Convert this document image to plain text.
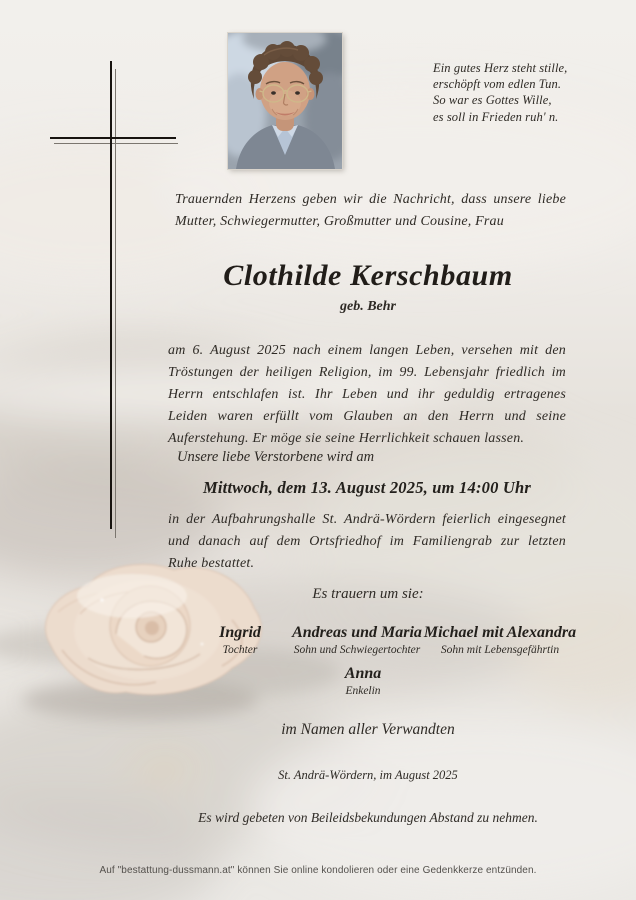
Ein gutes Herz steht stille,
erschöpft vom edlen Tun.
So war es Gottes Wille,
es soll in Frieden ruh' n.
Trauernden Herzens geben wir die Nachricht, dass unsere liebe
Mutter, Schwiegermutter, Großmutter und Cousine, Frau
Clothilde Kerschbaum
geb. Behr
am 6. August 2025 nach einem langen Leben, versehen mit den
Tröstungen der heiligen Religion, im 99. Lebensjahr friedlich im
Herrn entschlafen ist. Ihr Leben und ihr geduldig ertragenes
Leiden waren erfüllt vom Glauben an den Herrn und seine
Auferstehung. Er möge sie seine Herrlichkeit schauen lassen.
Unsere liebe Verstorbene wird am
Mittwoch, dem 13. August 2025, um 14:00 Uhr
in der Aufbahrungshalle St. Andrä-Wördern feierlich eingesegnet
und danach auf dem Ortsfriedhof im Familiengrab zur letzten
Ruhe bestattet.
Es trauern um sie:
Ingrid
Tochter
Andreas und Maria
Sohn und Schwiegertochter
Michael mit Alexandra
Sohn mit Lebensgefährtin
Anna
Enkelin
im Namen aller Verwandten
St. Andrä-Wördern, im August 2025
Es wird gebeten von Beileidsbekundungen Abstand zu nehmen.
Auf "bestattung-dussmann.at" können Sie online kondolieren oder eine Gedenkkerze entzünden.
